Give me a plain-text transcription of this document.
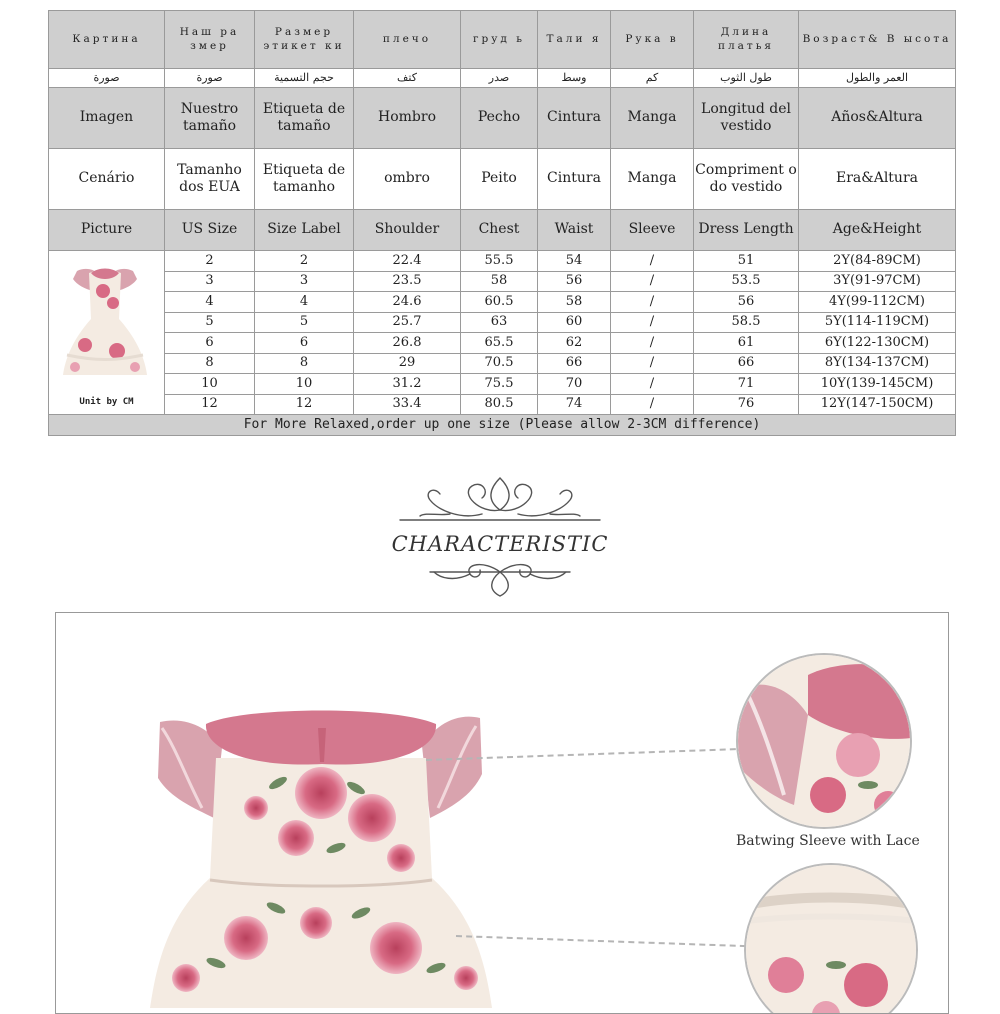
Картина	Наш ра змер	Размер этикет ки	плечо	груд ь	Тали я	Рука в	Длина платья	Возраст& В ысота
صورة	صورة	حجم التسمية	كتف	صدر	وسط	كم	طول الثوب	العمر والطول
Imagen	Nuestro tamaño	Etiqueta de tamaño	Hombro	Pecho	Cintura	Manga	Longitud del vestido	Años&Altura
Cenário	Tamanho dos EUA	Etiqueta de tamanho	ombro	Peito	Cintura	Manga	Compriment o do vestido	Era&Altura
Picture	US Size	Size Label	Shoulder	Chest	Waist	Sleeve	Dress Length	Age&Height

Unit by CM	2	2	22.4	55.5	54	/	51	2Y(84-89CM)
	3	3	23.5	58	56	/	53.5	3Y(91-97CM)
	4	4	24.6	60.5	58	/	56	4Y(99-112CM)
	5	5	25.7	63	60	/	58.5	5Y(114-119CM)
	6	6	26.8	65.5	62	/	61	6Y(122-130CM)
	8	8	29	70.5	66	/	66	8Y(134-137CM)
	10	10	31.2	75.5	70	/	71	10Y(139-145CM)
	12	12	33.4	80.5	74	/	76	12Y(147-150CM)
For More Relaxed,order up one size (Please allow 2-3CM difference)								
CHARACTERISTIC
Batwing Sleeve with Lace
